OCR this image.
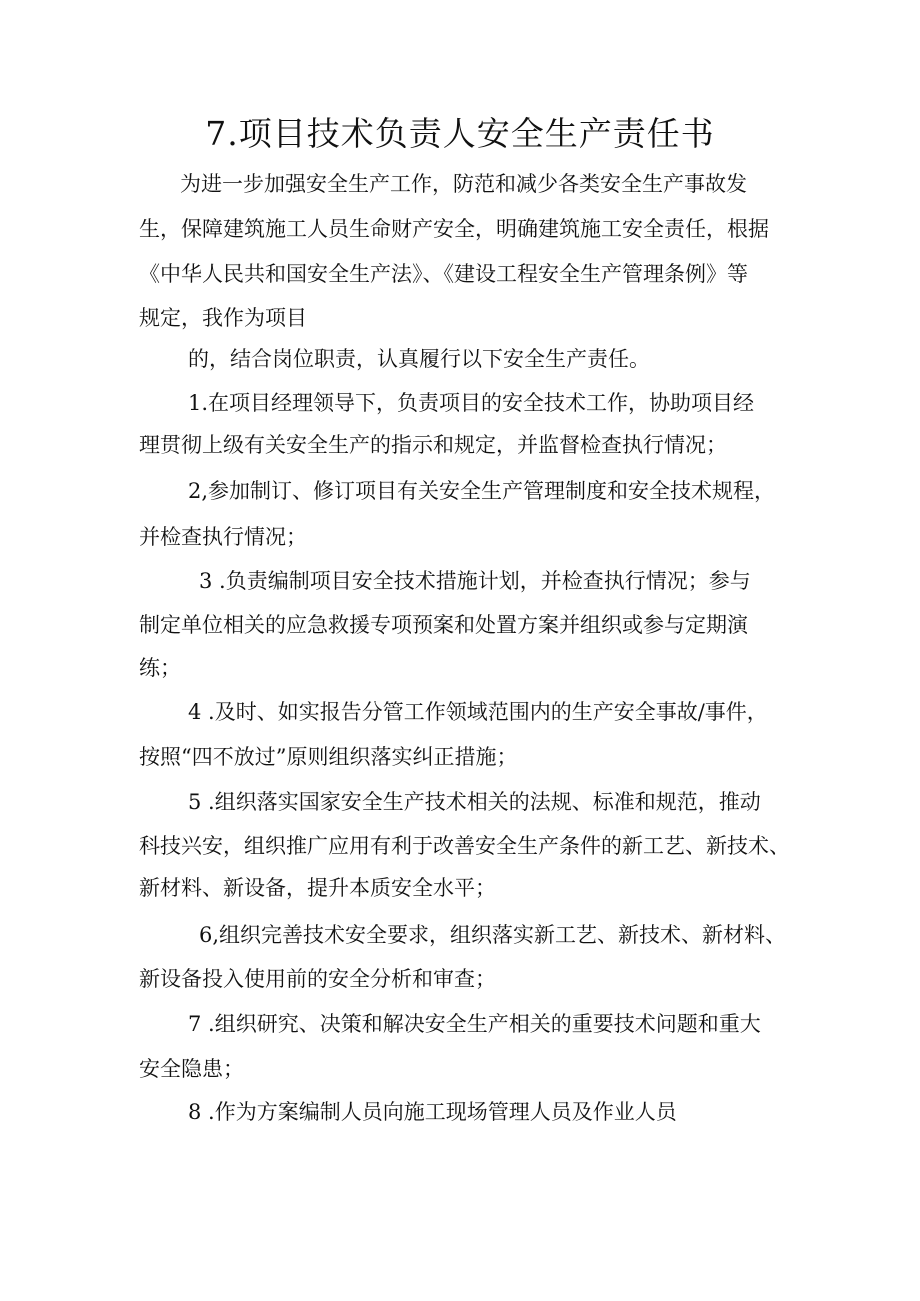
7.项目技术负责人安全生产责任书

为进一步加强安全生产工作，防范和减少各类安全生产事故发

生，保障建筑施工人员生命财产安全，明确建筑施工安全责任，根据

《中华人民共和国安全生产法》、《建设工程安全生产管理条例》等

规定，我作为项目

的，结合岗位职责，认真履行以下安全生产责任。

1.在项目经理领导下，负责项目的安全技术工作，协助项目经

理贯彻上级有关安全生产的指示和规定，并监督检查执行情况；

2,参加制订、修订项目有关安全生产管理制度和安全技术规程，

并检查执行情况；

3 .负责编制项目安全技术措施计划，并检查执行情况；参与

制定单位相关的应急救援专项预案和处置方案并组织或参与定期演

练；

4 .及时、如实报告分管工作领域范围内的生产安全事故/事件，

按照“四不放过”原则组织落实纠正措施；

5 .组织落实国家安全生产技术相关的法规、标准和规范，推动

科技兴安，组织推广应用有利于改善安全生产条件的新工艺、新技术、

新材料、新设备，提升本质安全水平；

6,组织完善技术安全要求，组织落实新工艺、新技术、新材料、

新设备投入使用前的安全分析和审查；

7 .组织研究、决策和解决安全生产相关的重要技术问题和重大

安全隐患；

8 .作为方案编制人员向施工现场管理人员及作业人员
